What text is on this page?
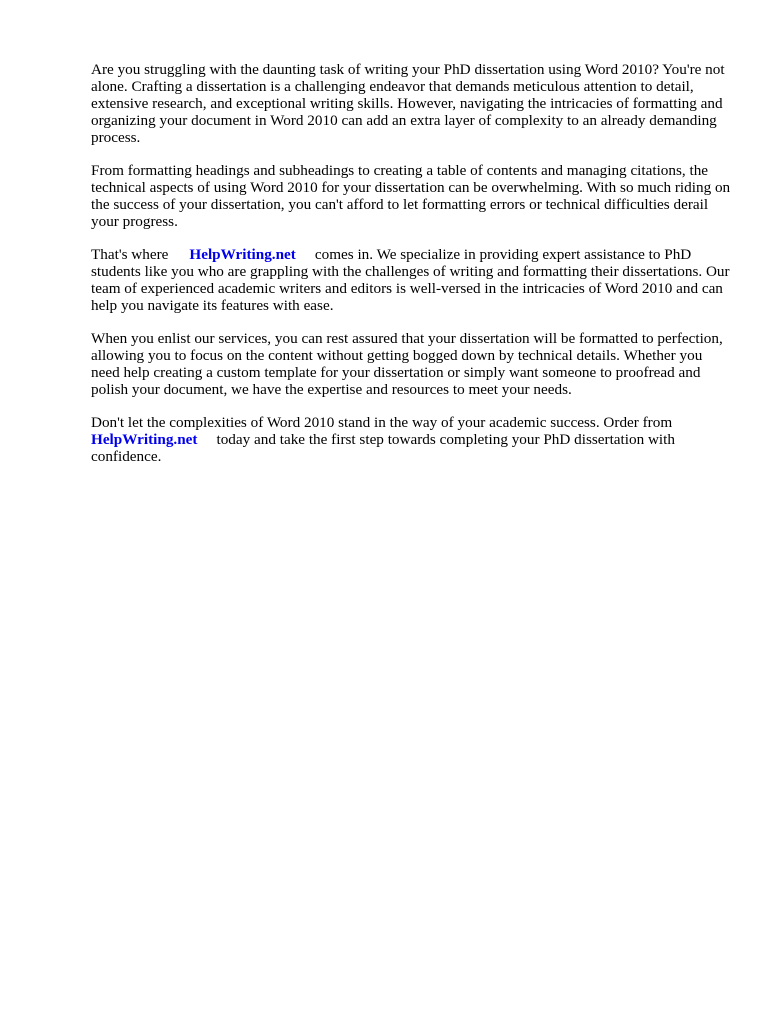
Are you struggling with the daunting task of writing your PhD dissertation using Word 2010? You're not alone. Crafting a dissertation is a challenging endeavor that demands meticulous attention to detail, extensive research, and exceptional writing skills. However, navigating the intricacies of formatting and organizing your document in Word 2010 can add an extra layer of complexity to an already demanding process.

From formatting headings and subheadings to creating a table of contents and managing citations, the technical aspects of using Word 2010 for your dissertation can be overwhelming. With so much riding on the success of your dissertation, you can't afford to let formatting errors or technical difficulties derail your progress.

That's where HelpWriting.net comes in. We specialize in providing expert assistance to PhD students like you who are grappling with the challenges of writing and formatting their dissertations. Our team of experienced academic writers and editors is well-versed in the intricacies of Word 2010 and can help you navigate its features with ease.

When you enlist our services, you can rest assured that your dissertation will be formatted to perfection, allowing you to focus on the content without getting bogged down by technical details. Whether you need help creating a custom template for your dissertation or simply want someone to proofread and polish your document, we have the expertise and resources to meet your needs.

Don't let the complexities of Word 2010 stand in the way of your academic success. Order from HelpWriting.net today and take the first step towards completing your PhD dissertation with confidence.
